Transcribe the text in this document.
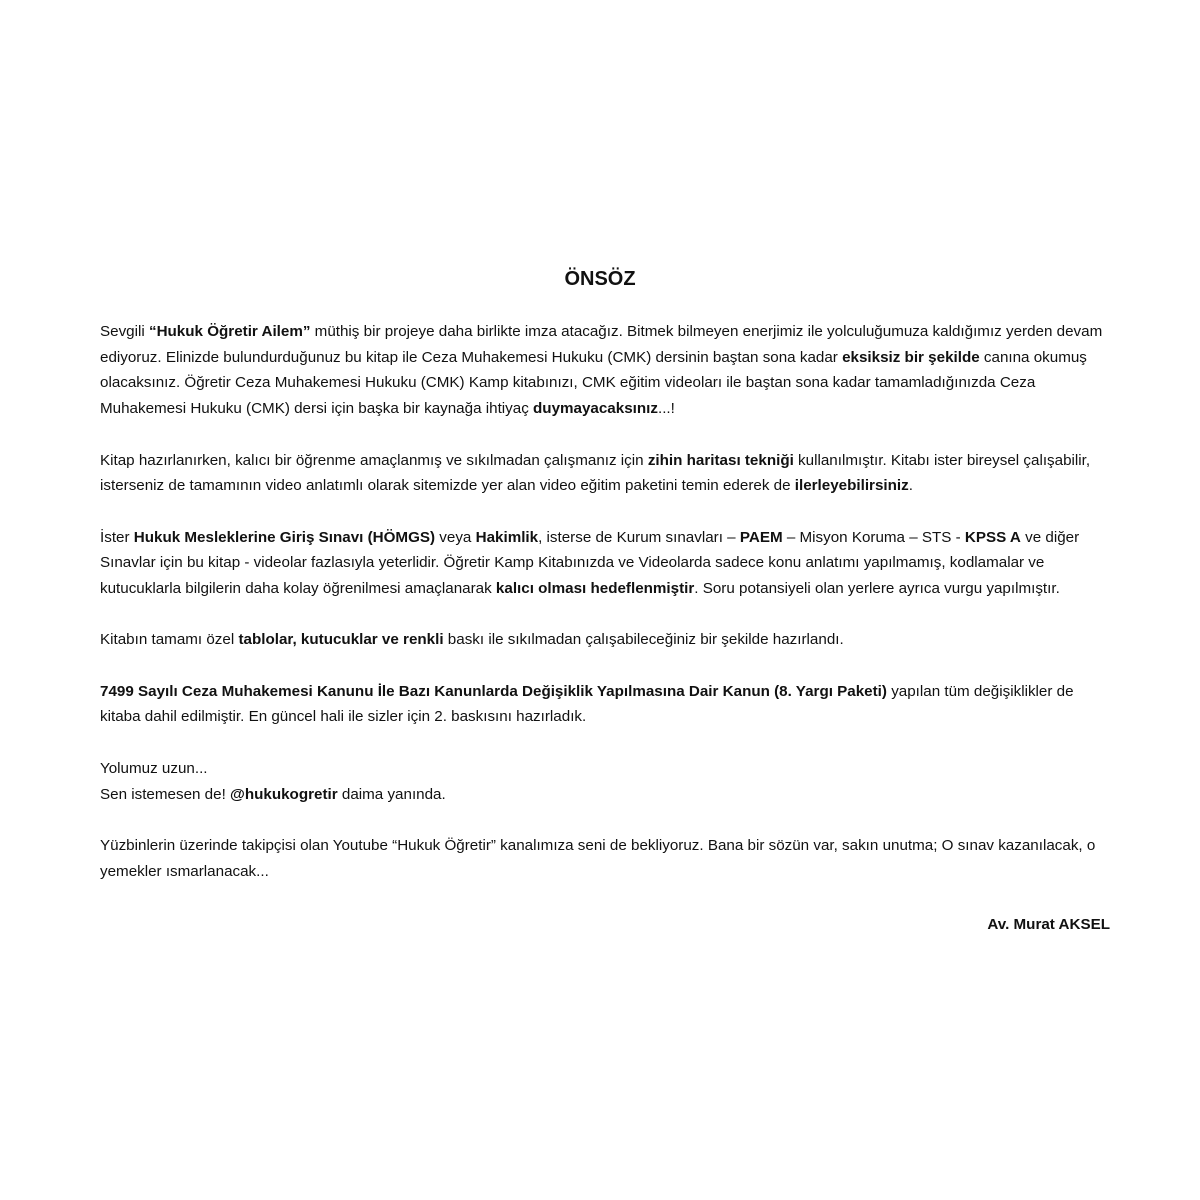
ÖNSÖZ

Sevgili “Hukuk Öğretir Ailem” müthiş bir projeye daha birlikte imza atacağız. Bitmek bilmeyen enerjimiz ile yolculuğumuza kaldığımız yerden devam ediyoruz. Elinizde bulundurduğunuz bu kitap ile Ceza Muhakemesi Hukuku (CMK) dersinin baştan sona kadar eksiksiz bir şekilde canına okumuş olacaksınız. Öğretir Ceza Muhakemesi Hukuku (CMK) Kamp kitabınızı, CMK eğitim videoları ile baştan sona kadar tamamladığınızda Ceza Muhakemesi Hukuku (CMK) dersi için başka bir kaynağa ihtiyaç duymayacaksınız...!

Kitap hazırlanırken, kalıcı bir öğrenme amaçlanmış ve sıkılmadan çalışmanız için zihin haritası tekniği kullanılmıştır. Kitabı ister bireysel çalışabilir, isterseniz de tamamının video anlatımlı olarak sitemizde yer alan video eğitim paketini temin ederek de ilerleyebilirsiniz.

İster Hukuk Mesleklerine Giriş Sınavı (HÖMGS) veya Hakimlik, isterse de Kurum sınavları – PAEM – Misyon Koruma – STS - KPSS A ve diğer Sınavlar için bu kitap - videolar fazlasıyla yeterlidir. Öğretir Kamp Kitabınızda ve Videolarda sadece konu anlatımı yapılmamış, kodlamalar ve kutucuklarla bilgilerin daha kolay öğrenilmesi amaçlanarak kalıcı olması hedeflenmiştir. Soru potansiyeli olan yerlere ayrıca vurgu yapılmıştır.

Kitabın tamamı özel tablolar, kutucuklar ve renkli baskı ile sıkılmadan çalışabileceğiniz bir şekilde hazırlandı.

7499 Sayılı Ceza Muhakemesi Kanunu İle Bazı Kanunlarda Değişiklik Yapılmasına Dair Kanun (8. Yargı Paketi) yapılan tüm değişiklikler de kitaba dahil edilmiştir. En güncel hali ile sizler için 2. baskısını hazırladık.

Yolumuz uzun...
Sen istemesen de! @hukukogretir daima yanında.

Yüzbinlerin üzerinde takipçisi olan Youtube “Hukuk Öğretir” kanalımıza seni de bekliyoruz. Bana bir sözün var, sakın unutma; O sınav kazanılacak, o yemekler ısmarlanacak...

Av. Murat AKSEL
